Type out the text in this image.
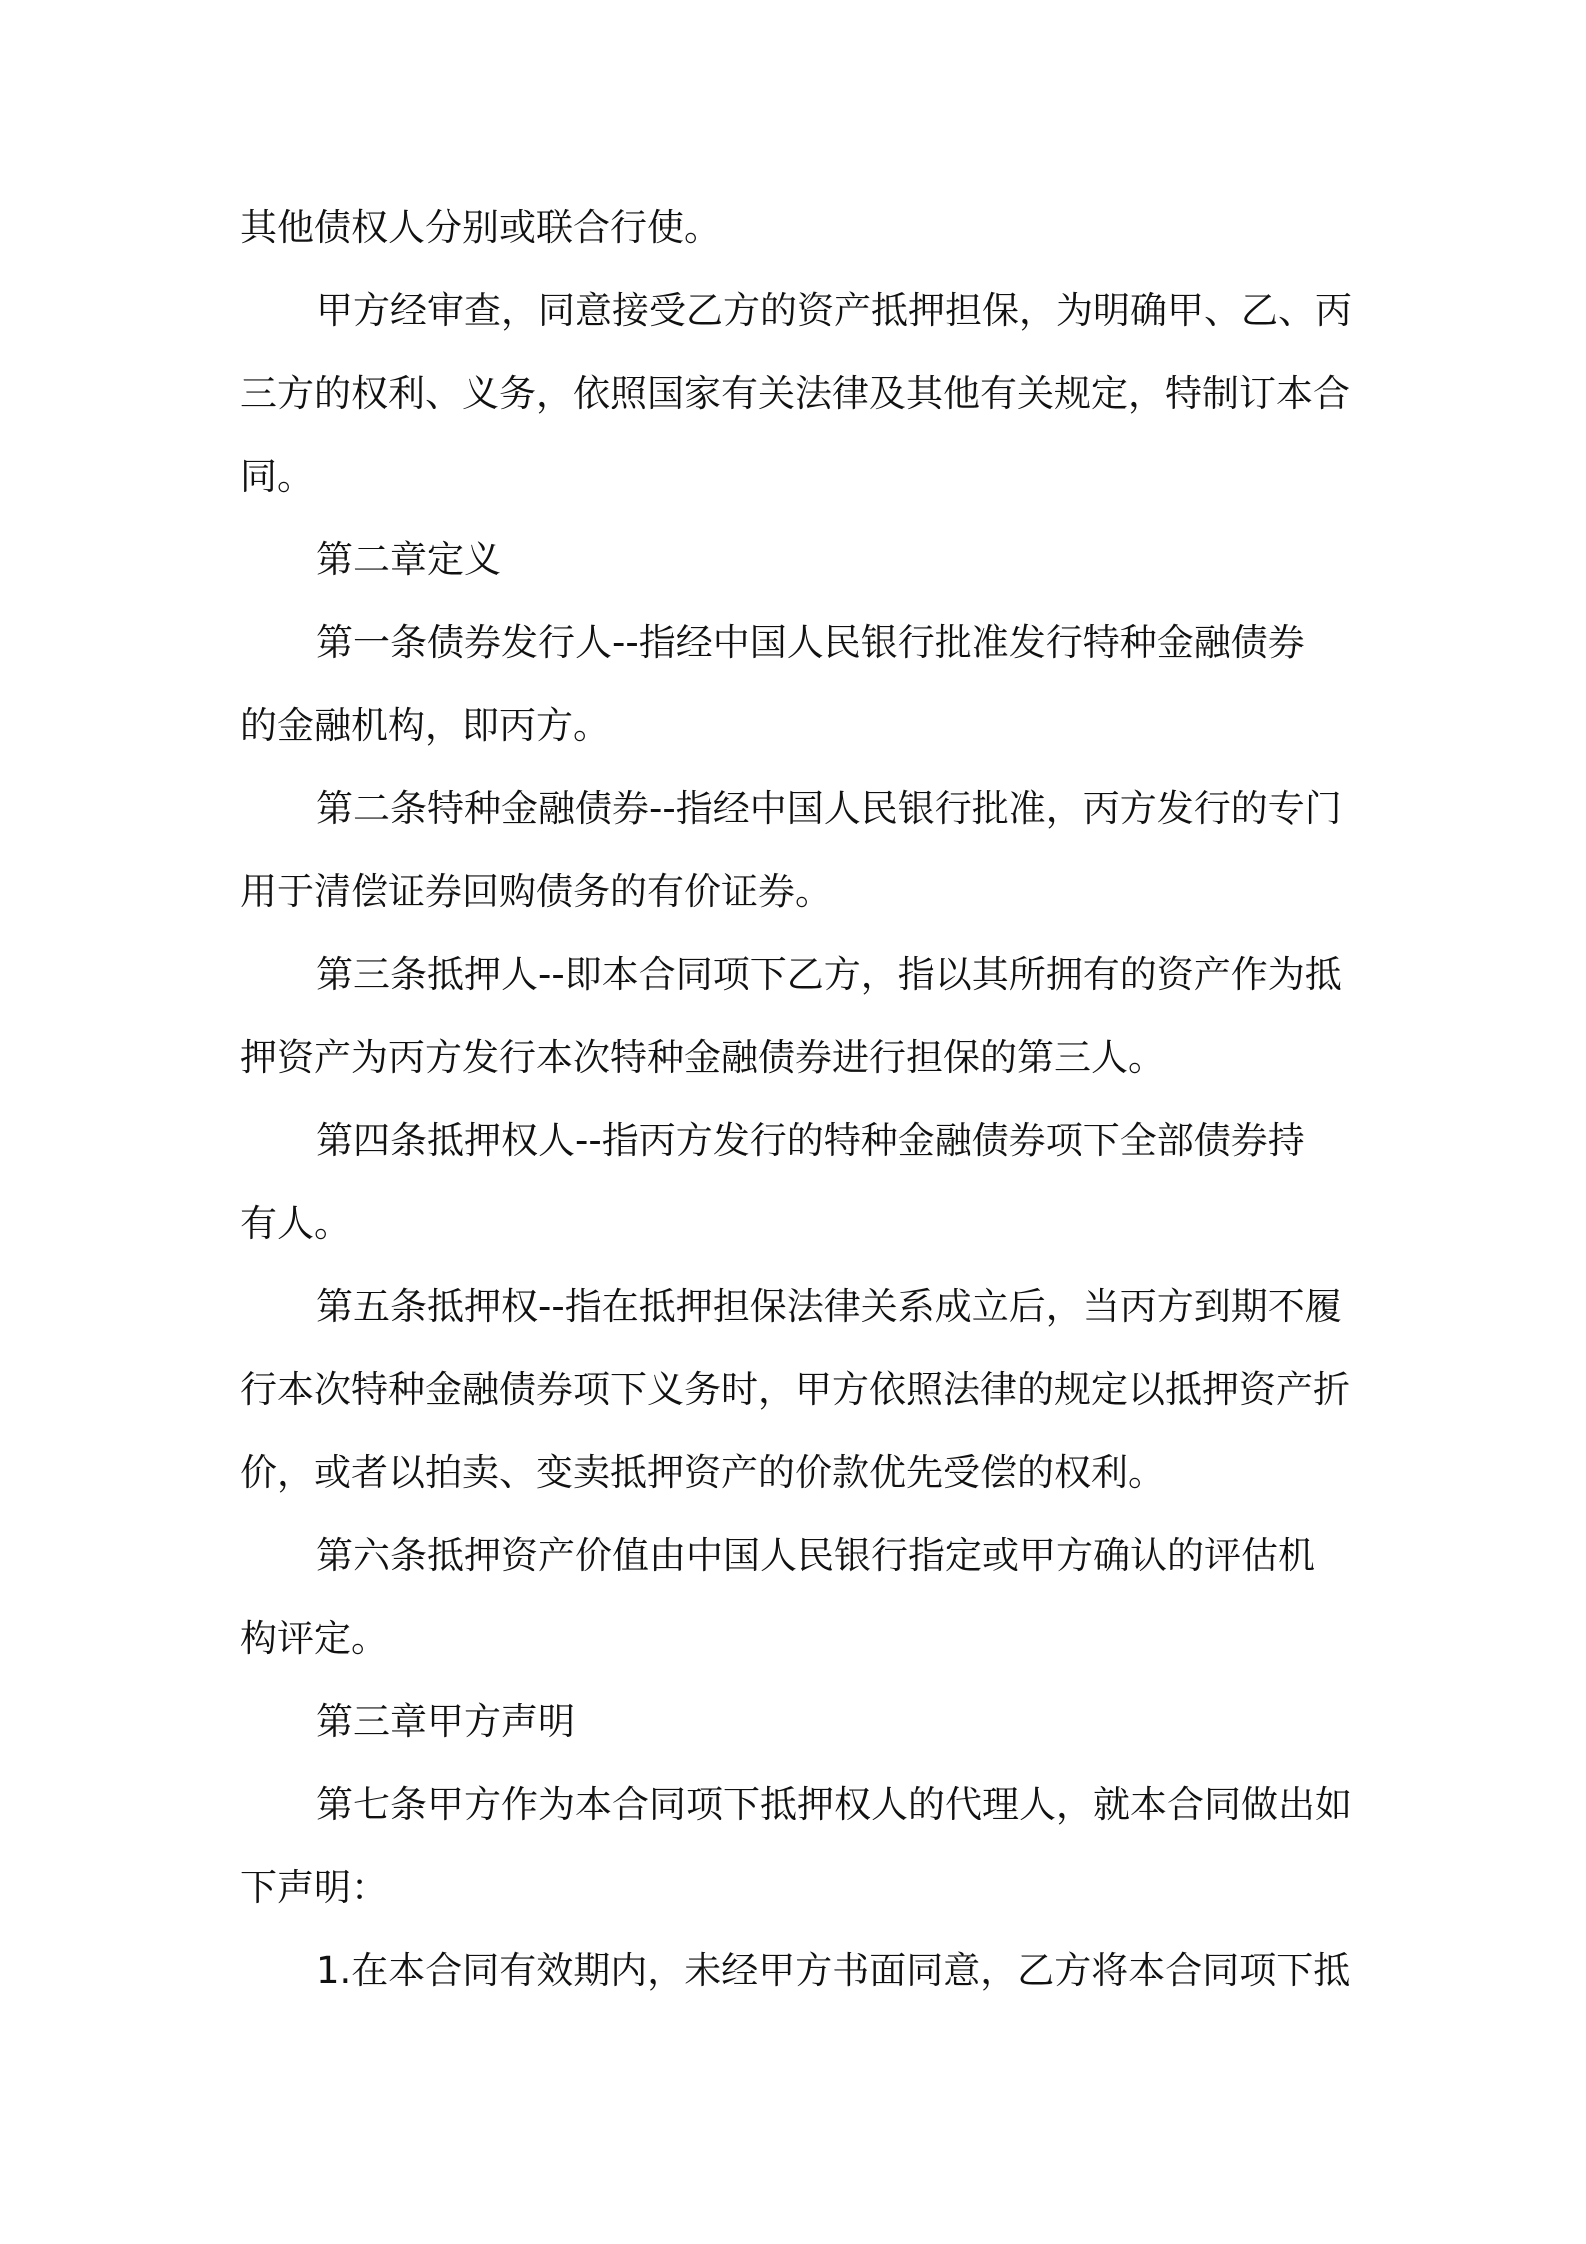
其他债权人分别或联合行使。
甲方经审查，同意接受乙方的资产抵押担保，为明确甲、乙、丙
三方的权利、义务，依照国家有关法律及其他有关规定，特制订本合
同。
第二章定义
第一条债券发行人--指经中国人民银行批准发行特种金融债券
的金融机构，即丙方。
第二条特种金融债券--指经中国人民银行批准，丙方发行的专门
用于清偿证券回购债务的有价证券。
第三条抵押人--即本合同项下乙方，指以其所拥有的资产作为抵
押资产为丙方发行本次特种金融债券进行担保的第三人。
第四条抵押权人--指丙方发行的特种金融债券项下全部债券持
有人。
第五条抵押权--指在抵押担保法律关系成立后，当丙方到期不履
行本次特种金融债券项下义务时，甲方依照法律的规定以抵押资产折
价，或者以拍卖、变卖抵押资产的价款优先受偿的权利。
第六条抵押资产价值由中国人民银行指定或甲方确认的评估机
构评定。
第三章甲方声明
第七条甲方作为本合同项下抵押权人的代理人，就本合同做出如
下声明：
1.在本合同有效期内，未经甲方书面同意，乙方将本合同项下抵
